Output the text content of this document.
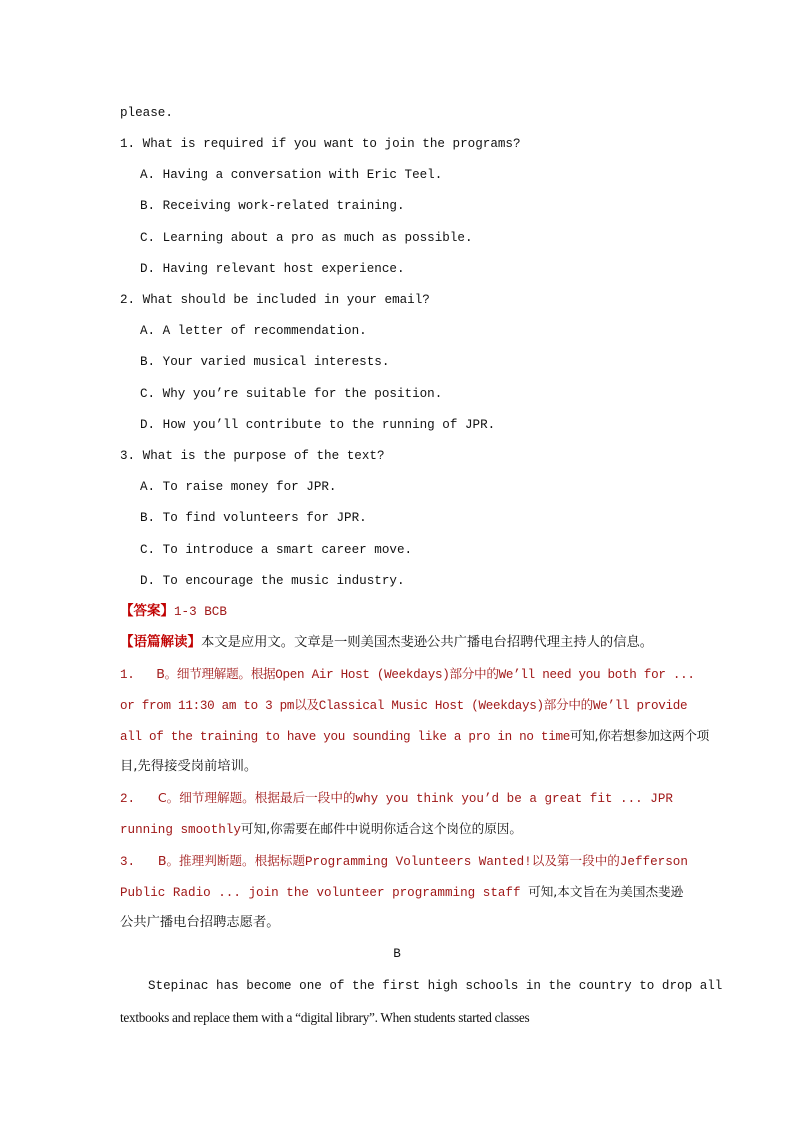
please.
1. What is required if you want to join the programs?
A. Having a conversation with Eric Teel.
B. Receiving work-related training.
C. Learning about a pro as much as possible.
D. Having relevant host experience.
2. What should be included in your email?
A. A letter of recommendation.
B. Your varied musical interests.
C. Why you’re suitable for the position.
D. How you’ll contribute to the running of JPR.
3. What is the purpose of the text?
A. To raise money for JPR.
B. To find volunteers for JPR.
C. To introduce a smart career move.
D. To encourage the music industry.
【答案】1-3 BCB
【语篇解读】本文是应用文。文章是一则美国杰斐逊公共广播电台招聘代理主持人的信息。
1. B。细节理解题。根据Open Air Host (Weekdays)部分中的We’ll need you both for ...
or from 11:30 am to 3 pm以及Classical Music Host (Weekdays)部分中的We’ll provide
all of the training to have you sounding like a pro in no time可知,你若想参加这两个项
目,先得接受岗前培训。
2. C。细节理解题。根据最后一段中的why you think you’d be a great fit ... JPR
running smoothly可知,你需要在邮件中说明你适合这个岗位的原因。
3. B。推理判断题。根据标题Programming Volunteers Wanted!以及第一段中的Jefferson
Public Radio ... join the volunteer programming staff 可知,本文旨在为美国杰斐逊
公共广播电台招聘志愿者。
B
Stepinac has become one of the first high schools in the country to drop all
textbooks and replace them with a “digital library”. When students started classes
